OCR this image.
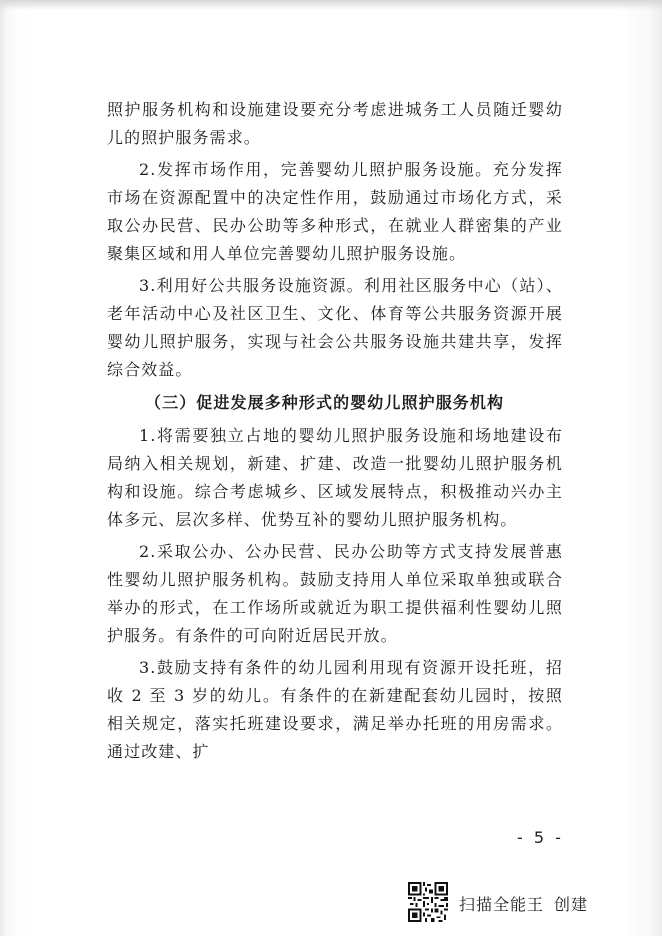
照护服务机构和设施建设要充分考虑进城务工人员随迁婴幼儿的照护服务需求。

2.发挥市场作用，完善婴幼儿照护服务设施。充分发挥市场在资源配置中的决定性作用，鼓励通过市场化方式，采取公办民营、民办公助等多种形式，在就业人群密集的产业聚集区域和用人单位完善婴幼儿照护服务设施。

3.利用好公共服务设施资源。利用社区服务中心（站）、老年活动中心及社区卫生、文化、体育等公共服务资源开展婴幼儿照护服务，实现与社会公共服务设施共建共享，发挥综合效益。

（三）促进发展多种形式的婴幼儿照护服务机构

1.将需要独立占地的婴幼儿照护服务设施和场地建设布局纳入相关规划，新建、扩建、改造一批婴幼儿照护服务机构和设施。综合考虑城乡、区域发展特点，积极推动兴办主体多元、层次多样、优势互补的婴幼儿照护服务机构。

2.采取公办、公办民营、民办公助等方式支持发展普惠性婴幼儿照护服务机构。鼓励支持用人单位采取单独或联合举办的形式，在工作场所或就近为职工提供福利性婴幼儿照护服务。有条件的可向附近居民开放。

3.鼓励支持有条件的幼儿园利用现有资源开设托班，招收 2 至 3 岁的幼儿。有条件的在新建配套幼儿园时，按照相关规定，落实托班建设要求，满足举办托班的用房需求。通过改建、扩

- 5 -
扫描全能王 创建
